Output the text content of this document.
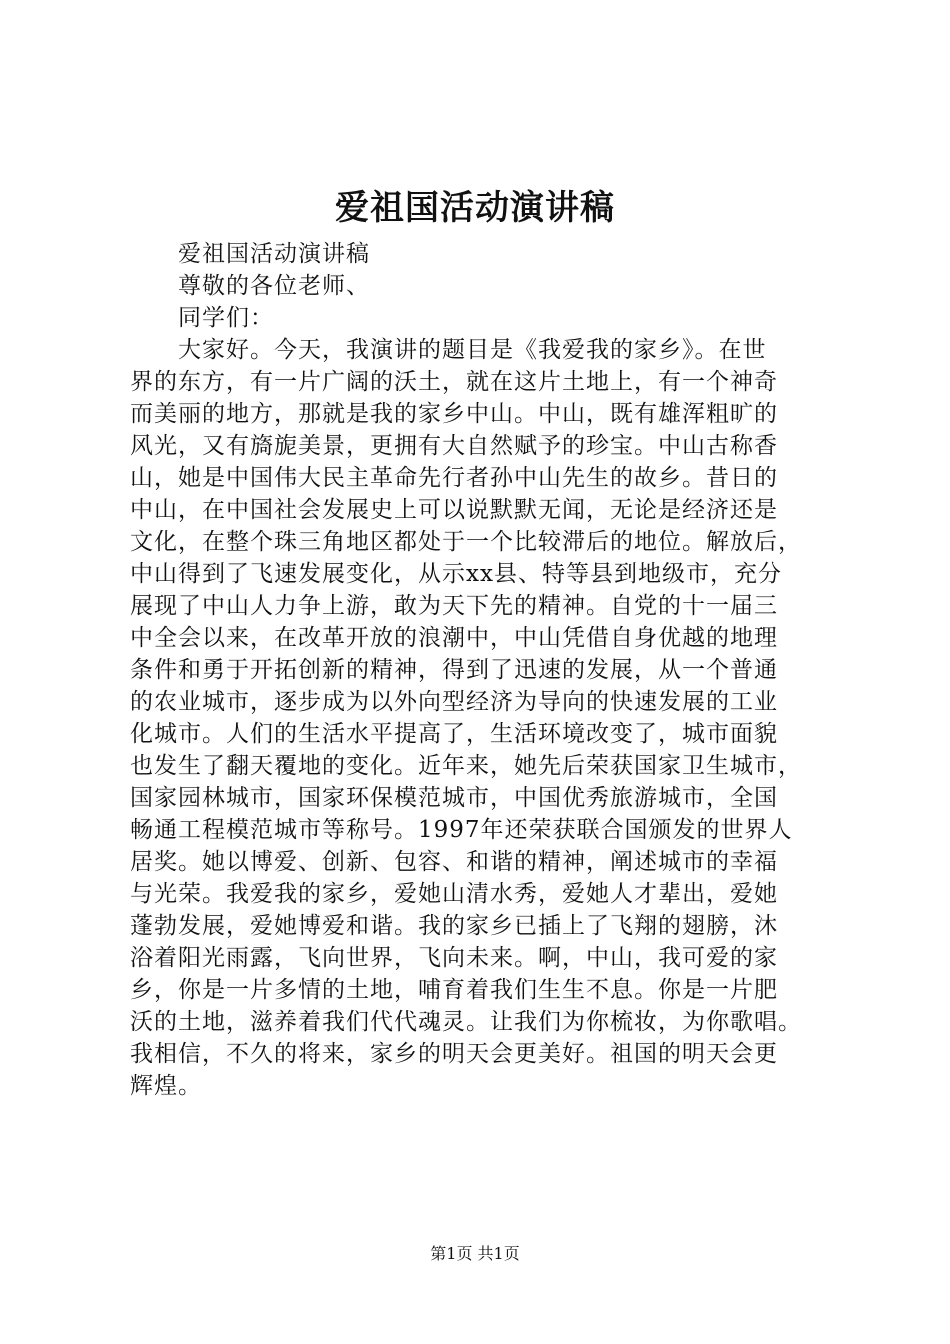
爱祖国活动演讲稿

爱祖国活动演讲稿

尊敬的各位老师、

同学们：

大家好。今天，我演讲的题目是《我爱我的家乡》。在世

界的东方，有一片广阔的沃土，就在这片土地上，有一个神奇

而美丽的地方，那就是我的家乡中山。中山，既有雄浑粗旷的

风光，又有旖旎美景，更拥有大自然赋予的珍宝。中山古称香

山，她是中国伟大民主革命先行者孙中山先生的故乡。昔日的

中山，在中国社会发展史上可以说默默无闻，无论是经济还是

文化，在整个珠三角地区都处于一个比较滞后的地位。解放后，

中山得到了飞速发展变化，从示xx县、特等县到地级市，充分

展现了中山人力争上游，敢为天下先的精神。自党的十一届三

中全会以来，在改革开放的浪潮中，中山凭借自身优越的地理

条件和勇于开拓创新的精神，得到了迅速的发展，从一个普通

的农业城市，逐步成为以外向型经济为导向的快速发展的工业

化城市。人们的生活水平提高了，生活环境改变了，城市面貌

也发生了翻天覆地的变化。近年来，她先后荣获国家卫生城市，

国家园林城市，国家环保模范城市，中国优秀旅游城市，全国

畅通工程模范城市等称号。1997年还荣获联合国颁发的世界人

居奖。她以博爱、创新、包容、和谐的精神，阐述城市的幸福

与光荣。我爱我的家乡，爱她山清水秀，爱她人才辈出，爱她

蓬勃发展，爱她博爱和谐。我的家乡已插上了飞翔的翅膀，沐

浴着阳光雨露，飞向世界，飞向未来。啊，中山，我可爱的家

乡，你是一片多情的土地，哺育着我们生生不息。你是一片肥

沃的土地，滋养着我们代代魂灵。让我们为你梳妆，为你歌唱。

我相信，不久的将来，家乡的明天会更美好。祖国的明天会更

辉煌。

第1页 共1页
